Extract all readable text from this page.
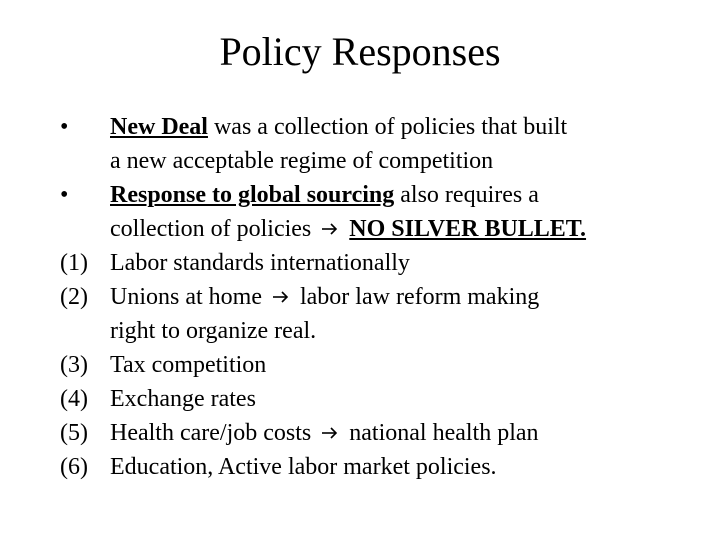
Policy Responses
•	New Deal was a collection of policies that built
a new acceptable regime of competition
•	Response to global sourcing also requires a
collection of policies NO SILVER BULLET.
(1) Labor standards internationally
(2) Unions at home labor law reform making
right to organize real.
(3) Tax competition
(4) Exchange rates
(5) Health care/job costs national health plan
(6) Education, Active labor market policies.
